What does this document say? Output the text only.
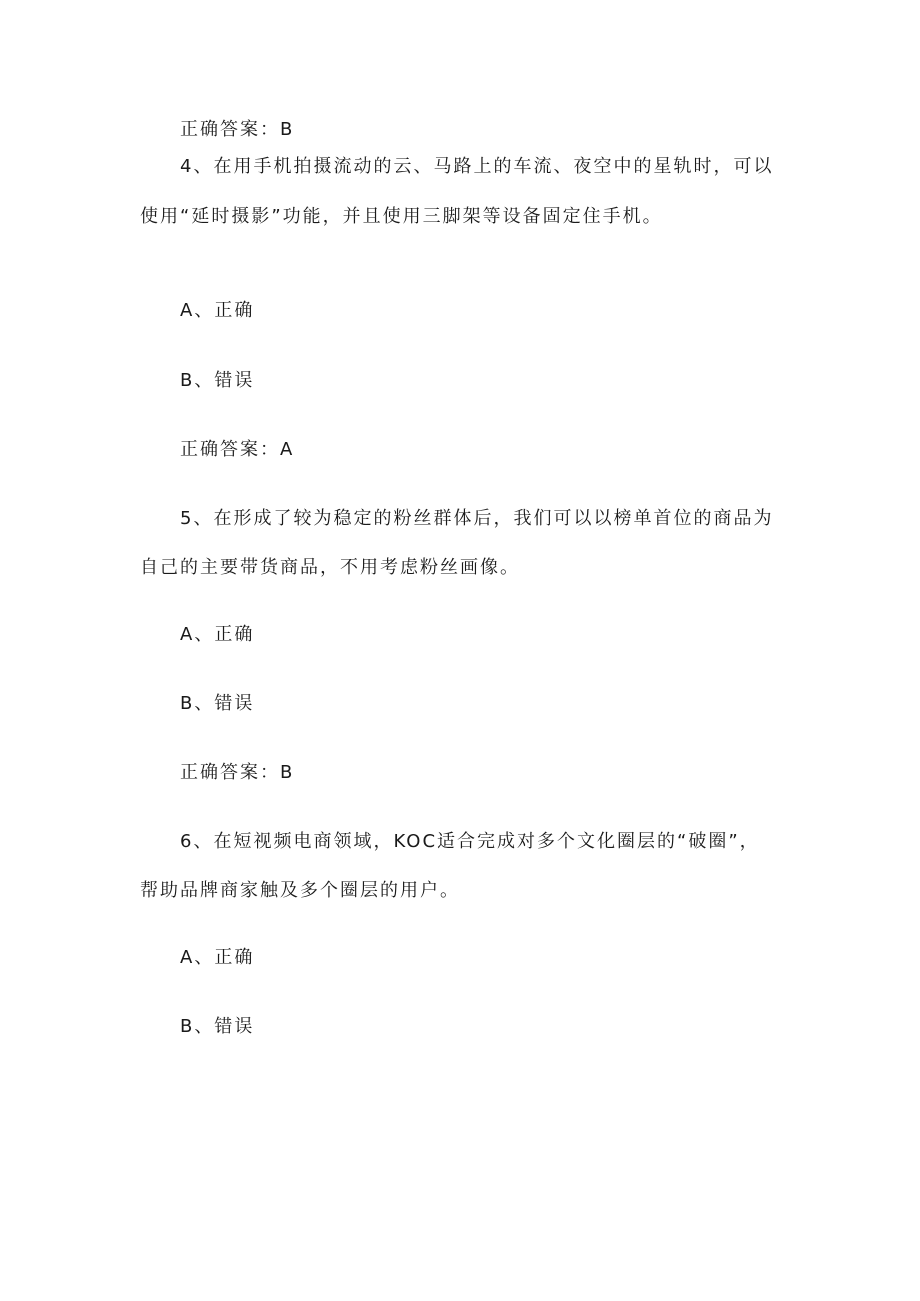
正确答案：B
4、在用手机拍摄流动的云、马路上的车流、夜空中的星轨时，可以
使用“延时摄影”功能，并且使用三脚架等设备固定住手机。
A、正确
B、错误
正确答案：A
5、在形成了较为稳定的粉丝群体后，我们可以以榜单首位的商品为
自己的主要带货商品，不用考虑粉丝画像。
A、正确
B、错误
正确答案：B
6、在短视频电商领域，KOC适合完成对多个文化圈层的“破圈”，
帮助品牌商家触及多个圈层的用户。
A、正确
B、错误
